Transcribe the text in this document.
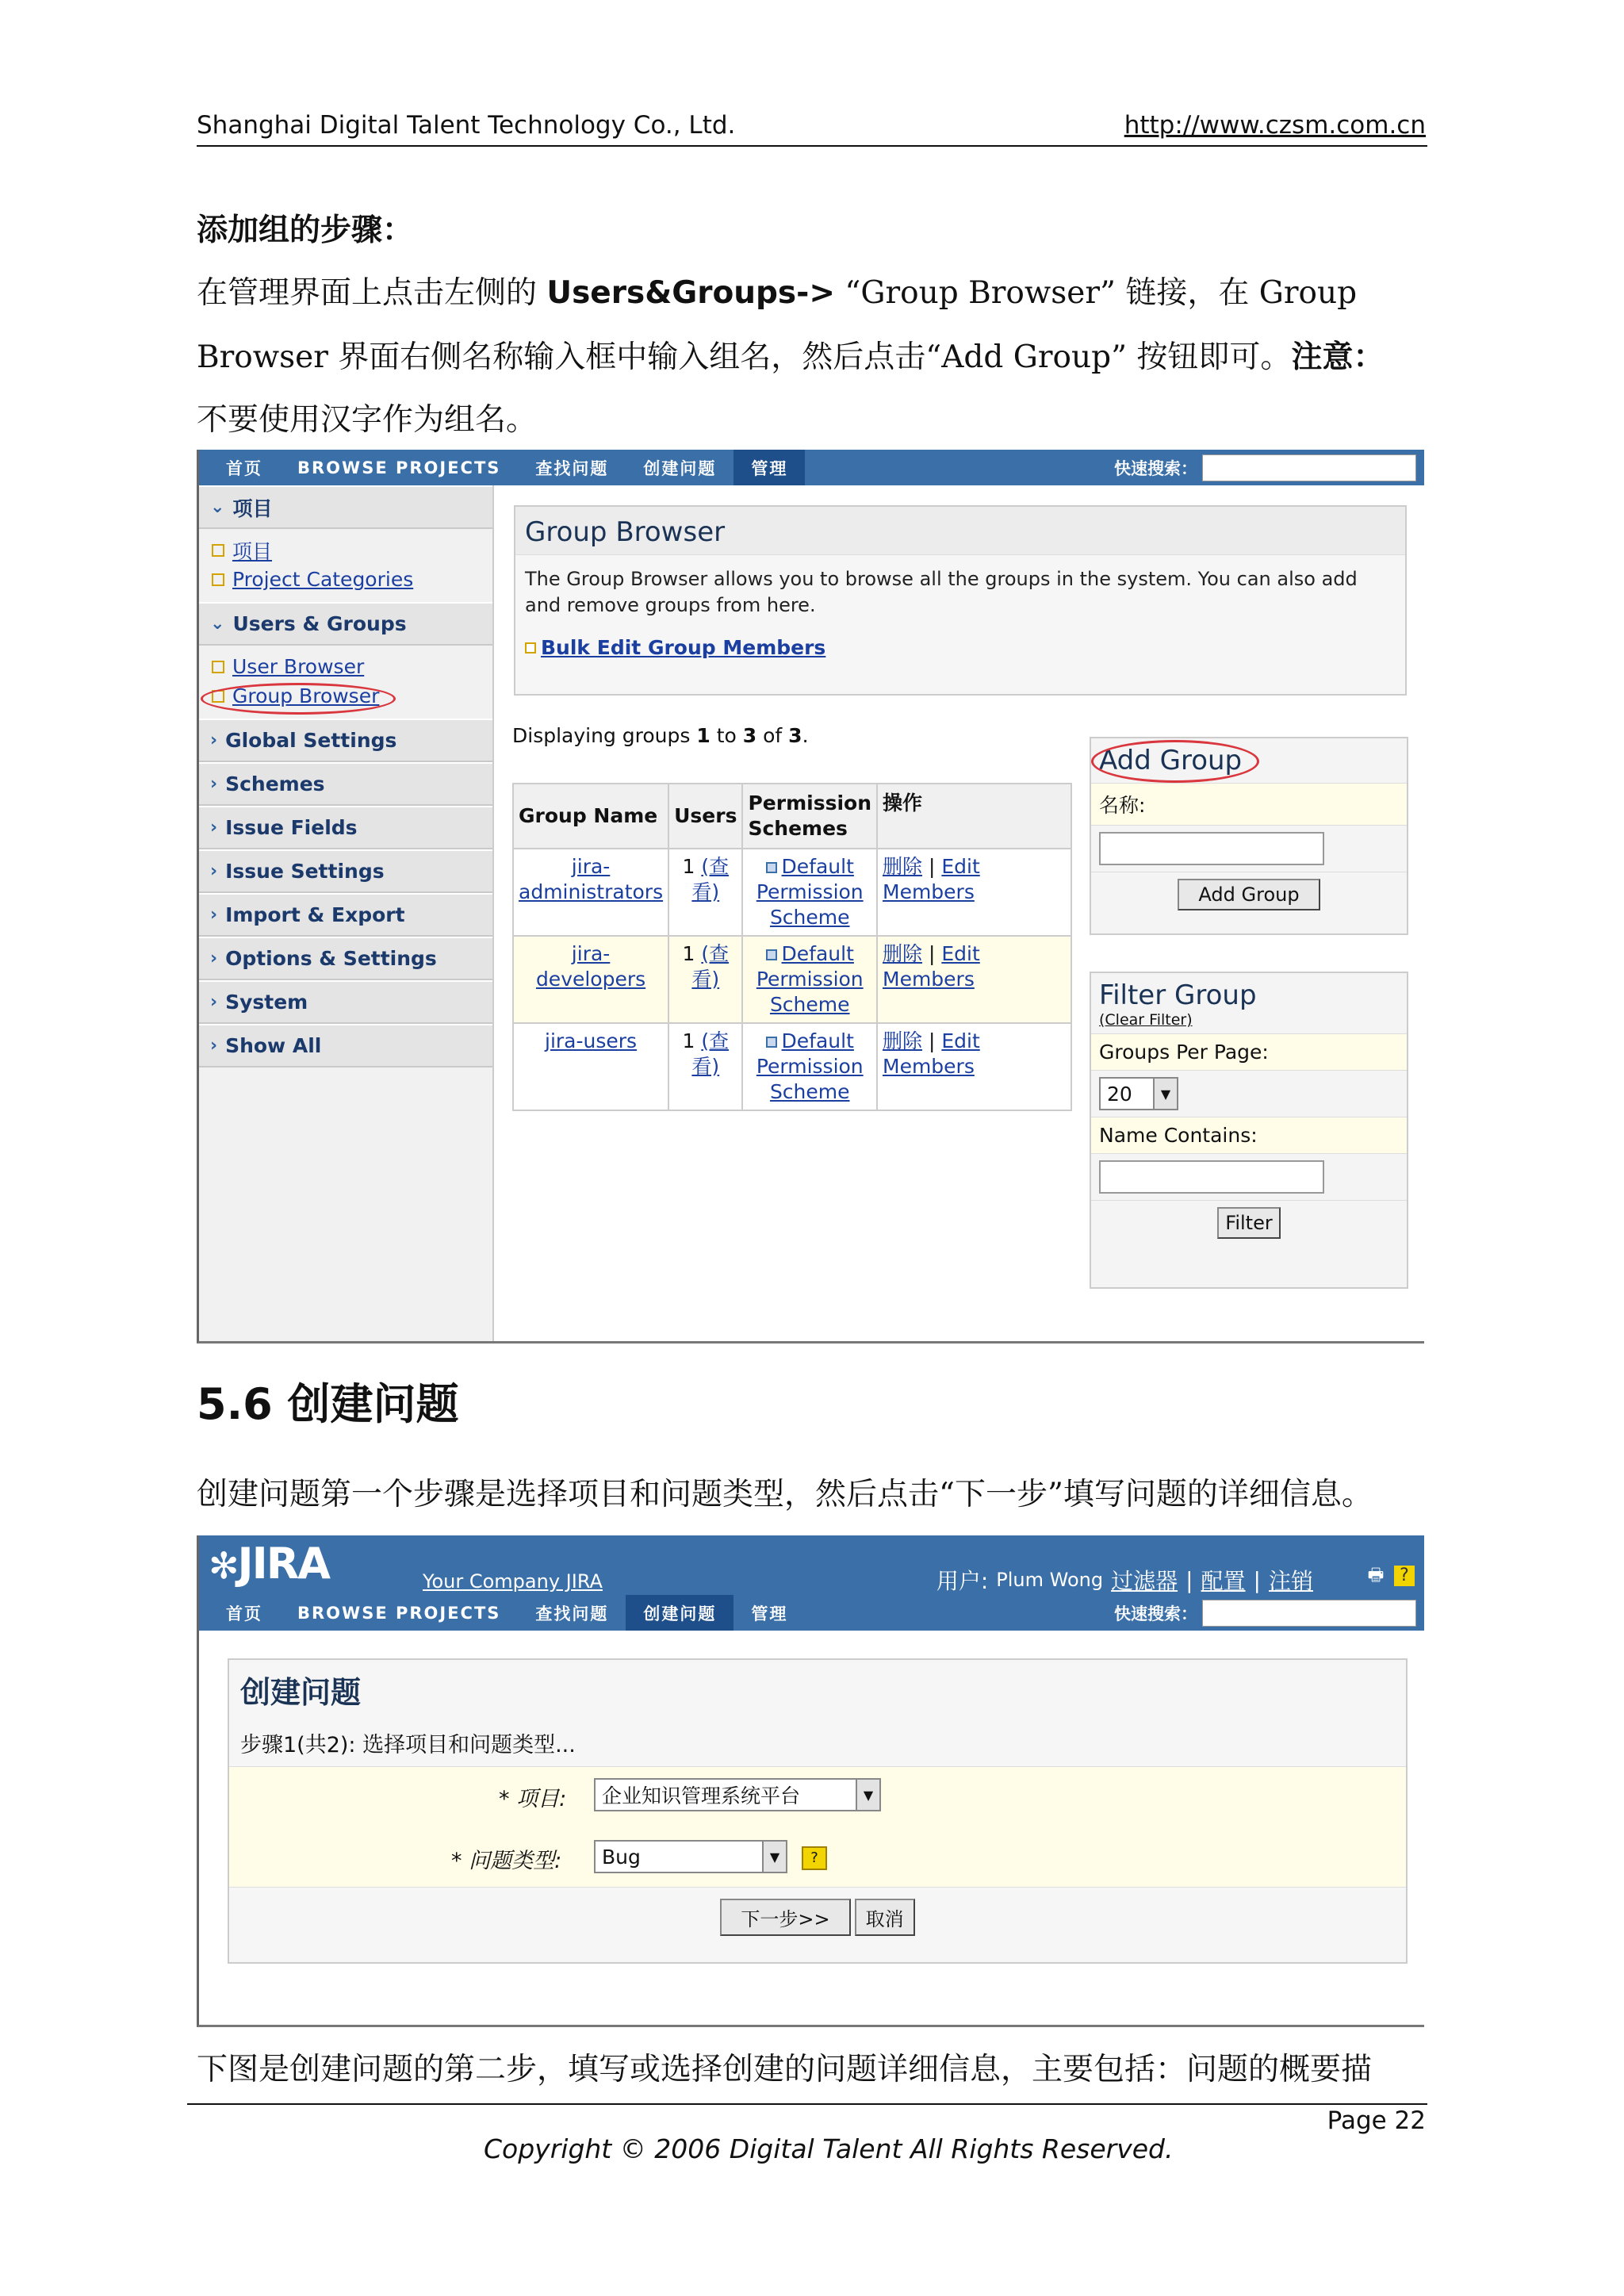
Shanghai Digital Talent Technology Co., Ltd.	http://www.czsm.com.cn
添加组的步骤：
在管理界面上点击左侧的 Users&Groups-> “Group Browser” 链接，在 Group
Browser 界面右侧名称输入框中输入组名，然后点击“Add Group” 按钮即可。注意：
不要使用汉字作为组名。
首页	BROWSE PROJECTS	查找问题	创建问题	管理	快速搜索：
⌄ 项目
项目
Project Categories
⌄ Users & Groups
User Browser
Group Browser
› Global Settings
› Schemes
› Issue Fields
› Issue Settings
› Import & Export
› Options & Settings
› System
› Show All
Group Browser
The Group Browser allows you to browse all the groups in the system. You can also add and remove groups from here.
Bulk Edit Group Members
Displaying groups 1 to 3 of 3.
Group Name	Users	Permission Schemes	操作
jira-administrators	1 (查看)	Default Permission Scheme	删除 | Edit Members
jira-developers	1 (查看)	Default Permission Scheme	删除 | Edit Members
jira-users	1 (查看)	Default Permission Scheme	删除 | Edit Members
Add Group
名称:
Add Group
Filter Group
(Clear Filter)
Groups Per Page:
20	▼
Name Contains:
Filter
5.6 创建问题
创建问题第一个步骤是选择项目和问题类型，然后点击“下一步”填写问题的详细信息。
✻JIRA	Your Company JIRA	用户: Plum Wong 过滤器 | 配置 | 注销	🖶 ?
首页	BROWSE PROJECTS	查找问题	创建问题	管理	快速搜索：
创建问题
步骤1(共2): 选择项目和问题类型...
* 项目:	企业知识管理系统平台	▼
* 问题类型:	Bug	▼	?
下一步>> 取消
下图是创建问题的第二步，填写或选择创建的问题详细信息，主要包括：问题的概要描
Page 22
Copyright © 2006 Digital Talent All Rights Reserved.
